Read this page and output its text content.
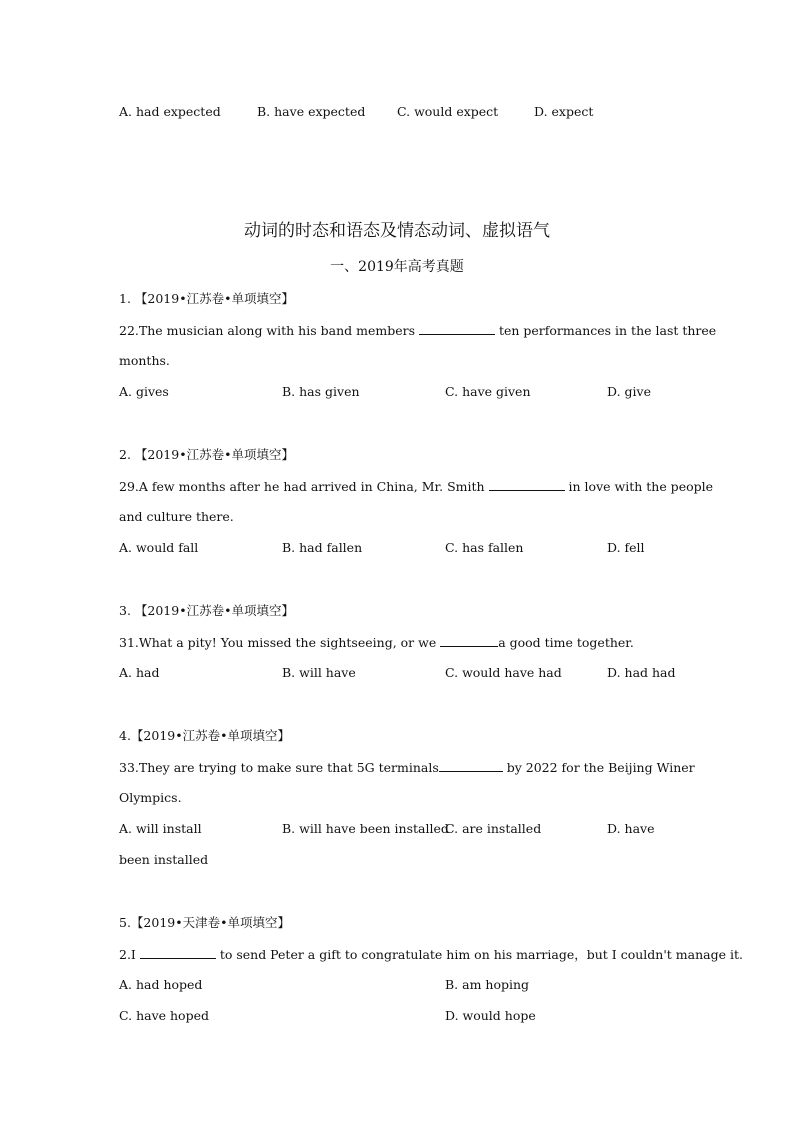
A. had expected	B. have expected	C. would expect	D. expect
动词的时态和语态及情态动词、虚拟语气
一、2019年高考真题
1. 【2019•江苏卷•单项填空】
22.The musician along with his band members	ten performances in the last three
months.
A. gives	B. has given	C. have given	D. give
2. 【2019•江苏卷•单项填空】
29.A few months after he had arrived in China, Mr. Smith	in love with the people
and culture there.
A. would fall	B. had fallen	C. has fallen	D. fell
3. 【2019•江苏卷•单项填空】
31.What a pity! You missed the sightseeing, or we	a good time together.
A. had	B. will have	C. would have had	D. had had
4.【2019•江苏卷•单项填空】
33.They are trying to make sure that 5G terminals	by 2022 for the Beijing Winer
Olympics.
A. will install	B. will have been installed
C. are installed	D. have
been installed
5.【2019•天津卷•单项填空】
2.I	to send Peter a gift to congratulate him on his marriage，but I couldn't manage it.
A. had hoped	B. am hoping
C. have hoped	D. would hope
